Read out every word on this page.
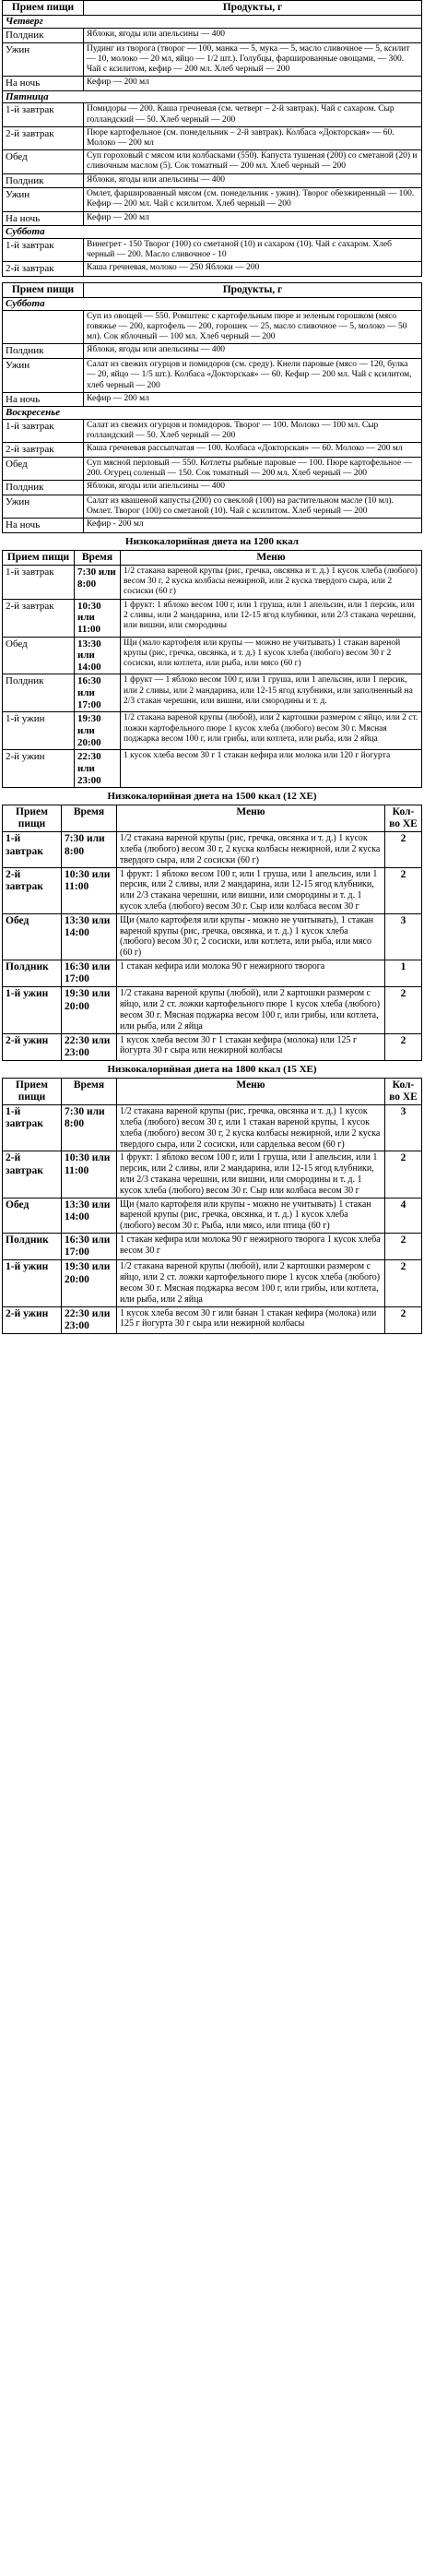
Прием пищи	Продукты, г
Четверг	
Полдник	Яблоки, ягоды или апельсины — 400
Ужин	Пудинг из творога (творог — 100, манка — 5, мука — 5, масло сливочное — 5, ксилит — 10, молоко — 20 мл, яйцо — 1/2 шт.). Голубцы, фаршированные овощами, — 300. Чай с ксилитом, кефир — 200 мл. Хлеб черный — 200
На ночь	Кефир — 200 мл
Пятница	
1-й завтрак	Помидоры — 200. Каша гречневая (см. четверг – 2-й завтрак). Чай с сахаром. Сыр голландский — 50. Хлеб черный — 200
2-й завтрак	Пюре картофельное (см. понедельник – 2-й завтрак). Колбаса «Докторская» — 60. Молоко — 200 мл
Обед	Суп гороховый с мясом или колбасками (550). Капуста тушеная (200) со сметаной (20) и сливочным маслом (5). Сок томатный — 200 мл. Хлеб черный — 200
Полдник	Яблоки, ягоды или апельсины — 400
Ужин	Омлет, фаршированный мясом (см. понедельник - ужин). Творог обезжиренный — 100. Кефир — 200 мл. Чай с ксилитом. Хлеб черный — 200
На ночь	Кефир — 200 мл
Суббота	
1-й завтрак	Винегрет - 150 Творог (100) со сметаной (10) и сахаром (10). Чай с сахаром. Хлеб черный — 200. Масло сливочное - 10
2-й завтрак	Каша гречневая, молоко — 250 Яблоки — 200
Прием пищи	Продукты, г
Суббота	
	Суп из овощей — 550. Ромштекс с картофельным пюре и зеленым горошком (мясо говяжье — 200, картофель — 200, горошек — 25, масло сливочное — 5, молоко — 50 мл). Сок яблочный — 100 мл. Хлеб черный — 200
Полдник	Яблоки, ягоды или апельсины — 400
Ужин	Салат из свежих огурцов и помидоров (см. среду). Кнели паровые (мясо — 120, булка — 20, яйцо — 1/5 шт.). Колбаса «Докторская» — 60. Кефир — 200 мл. Чай с ксилитом, хлеб черный — 200
На ночь	Кефир — 200 мл
Воскресенье	
1-й завтрак	Салат из свежих огурцов и помидоров. Творог — 100. Молоко — 100 мл. Сыр голландский — 50. Хлеб черный — 200
2-й завтрак	Каша гречневая рассыпчатая — 100. Колбаса «Докторская» — 60. Молоко — 200 мл
Обед	Суп мясной перловый — 550. Котлеты рыбные паровые — 100. Пюре картофельное — 200. Огурец соленый — 150. Сок томатный — 200 мл. Хлеб черный — 200
Полдник	Яблоки, ягоды или апельсины — 400
Ужин	Салат из квашеной капусты (200) со свеклой (100) на растительном масле (10 мл). Омлет. Творог (100) со сметаной (10). Чай с ксилитом. Хлеб черный — 200
На ночь	Кефир - 200 мл
Низкокалорийная диета на 1200 ккал
Прием пищи	Время	Меню
1-й завтрак	7:30 или 8:00	1/2 стакана вареной крупы (рис, гречка, овсянка и т. д.) 1 кусок хлеба (любого) весом 30 г, 2 куска колбасы нежирной, или 2 куска твердого сыра, или 2 сосиски (60 г)
2-й завтрак	10:30 или 11:00	1 фрукт: 1 яблоко весом 100 г, или 1 груша, или 1 апельсин, или 1 персик, или 2 сливы, или 2 мандарина, или 12-15 ягод клубники, или 2/3 стакана черешни, или вишни, или смородины
Обед	13:30 или 14:00	Щи (мало картофеля или крупы — можно не учитывать) 1 стакан вареной крупы (рис, гречка, овсянка, и т. д.) 1 кусок хлеба (любого) весом 30 г 2 сосиски, или котлета, или рыба, или мясо (60 г)
Полдник	16:30 или 17:00	1 фрукт — 1 яблоко весом 100 г, или 1 груша, или 1 апельсин, или 1 персик, или 2 сливы, или 2 мандарина, или 12-15 ягод клубники, или заполненный на 2/3 стакан черешни, или вишни, или смородины и т. д.
1-й ужин	19:30 или 20:00	1/2 стакана вареной крупы (любой), или 2 картошки размером с яйцо, или 2 ст. ложки картофельного пюре 1 кусок хлеба (любого) весом 30 г. Мясная поджарка весом 100 г, или грибы, или котлета, или рыба, или 2 яйца
2-й ужин	22:30 или 23:00	1 кусок хлеба весом 30 г 1 стакан кефира или молока или 120 г йогурта
Низкокалорийная диета на 1500 ккал (12 ХЕ)
Прием пищи	Время	Меню	Кол-во ХЕ
1-й завтрак	7:30 или 8:00	1/2 стакана вареной крупы (рис, гречка, овсянка и т. д.) 1 кусок хлеба (любого) весом 30 г, 2 куска колбасы нежирной, или 2 куска твердого сыра, или 2 сосиски (60 г)	2
2-й завтрак	10:30 или 11:00	1 фрукт: 1 яблоко весом 100 г, или 1 груша, или 1 апельсин, или 1 персик, или 2 сливы, или 2 мандарина, или 12-15 ягод клубники, или 2/3 стакана черешни, или вишни, или смородины и т. д. 1 кусок хлеба (любого) весом 30 г. Сыр или колбаса весом 30 г	2
Обед	13:30 или 14:00	Щи (мало картофеля или крупы - можно не учитывать), 1 стакан вареной крупы (рис, гречка, овсянка, и т. д.) 1 кусок хлеба (любого) весом 30 г, 2 сосиски, или котлета, или рыба, или мясо (60 г)	3
Полдник	16:30 или 17:00	1 стакан кефира или молока 90 г нежирного творога	1
1-й ужин	19:30 или 20:00	1/2 стакана вареной крупы (любой), или 2 картошки размером с яйцо, или 2 ст. ложки картофельного пюре 1 кусок хлеба (любого) весом 30 г. Мясная поджарка весом 100 г, или грибы, или котлета, или рыба, или 2 яйца	2
2-й ужин	22:30 или 23:00	1 кусок хлеба весом 30 г 1 стакан кефира (молока) или 125 г йогурта 30 г сыра или нежирной колбасы	2
Низкокалорийная диета на 1800 ккал (15 ХЕ)
Прием пищи	Время	Меню	Кол-во ХЕ
1-й завтрак	7:30 или 8:00	1/2 стакана вареной крупы (рис, гречка, овсянка и т. д.) 1 кусок хлеба (любого) весом 30 г, или 1 стакан вареной крупы, 1 кусок хлеба (любого) весом 30 г, 2 куска колбасы нежирной, или 2 куска твердого сыра, или 2 сосиски, или сарделька весом (60 г)	3
2-й завтрак	10:30 или 11:00	1 фрукт: 1 яблоко весом 100 г, или 1 груша, или 1 апельсин, или 1 персик, или 2 сливы, или 2 мандарина, или 12-15 ягод клубники, или 2/3 стакана черешни, или вишни, или смородины и т. д. 1 кусок хлеба (любого) весом 30 г. Сыр или колбаса весом 30 г	2
Обед	13:30 или 14:00	Щи (мало картофеля или крупы - можно не учитывать) 1 стакан вареной крупы (рис, гречка, овсянка, и т. д.) 1 кусок хлеба (любого) весом 30 г. Рыба, или мясо, или птица (60 г)	4
Полдник	16:30 или 17:00	1 стакан кефира или молока 90 г нежирного творога 1 кусок хлеба весом 30 г	2
1-й ужин	19:30 или 20:00	1/2 стакана вареной крупы (любой), или 2 картошки размером с яйцо, или 2 ст. ложки картофельного пюре 1 кусок хлеба (любого) весом 30 г. Мясная поджарка весом 100 г, или грибы, или котлета, или рыба, или 2 яйца	2
2-й ужин	22:30 или 23:00	1 кусок хлеба весом 30 г или банан 1 стакан кефира (молока) или 125 г йогурта 30 г сыра или нежирной колбасы	2
